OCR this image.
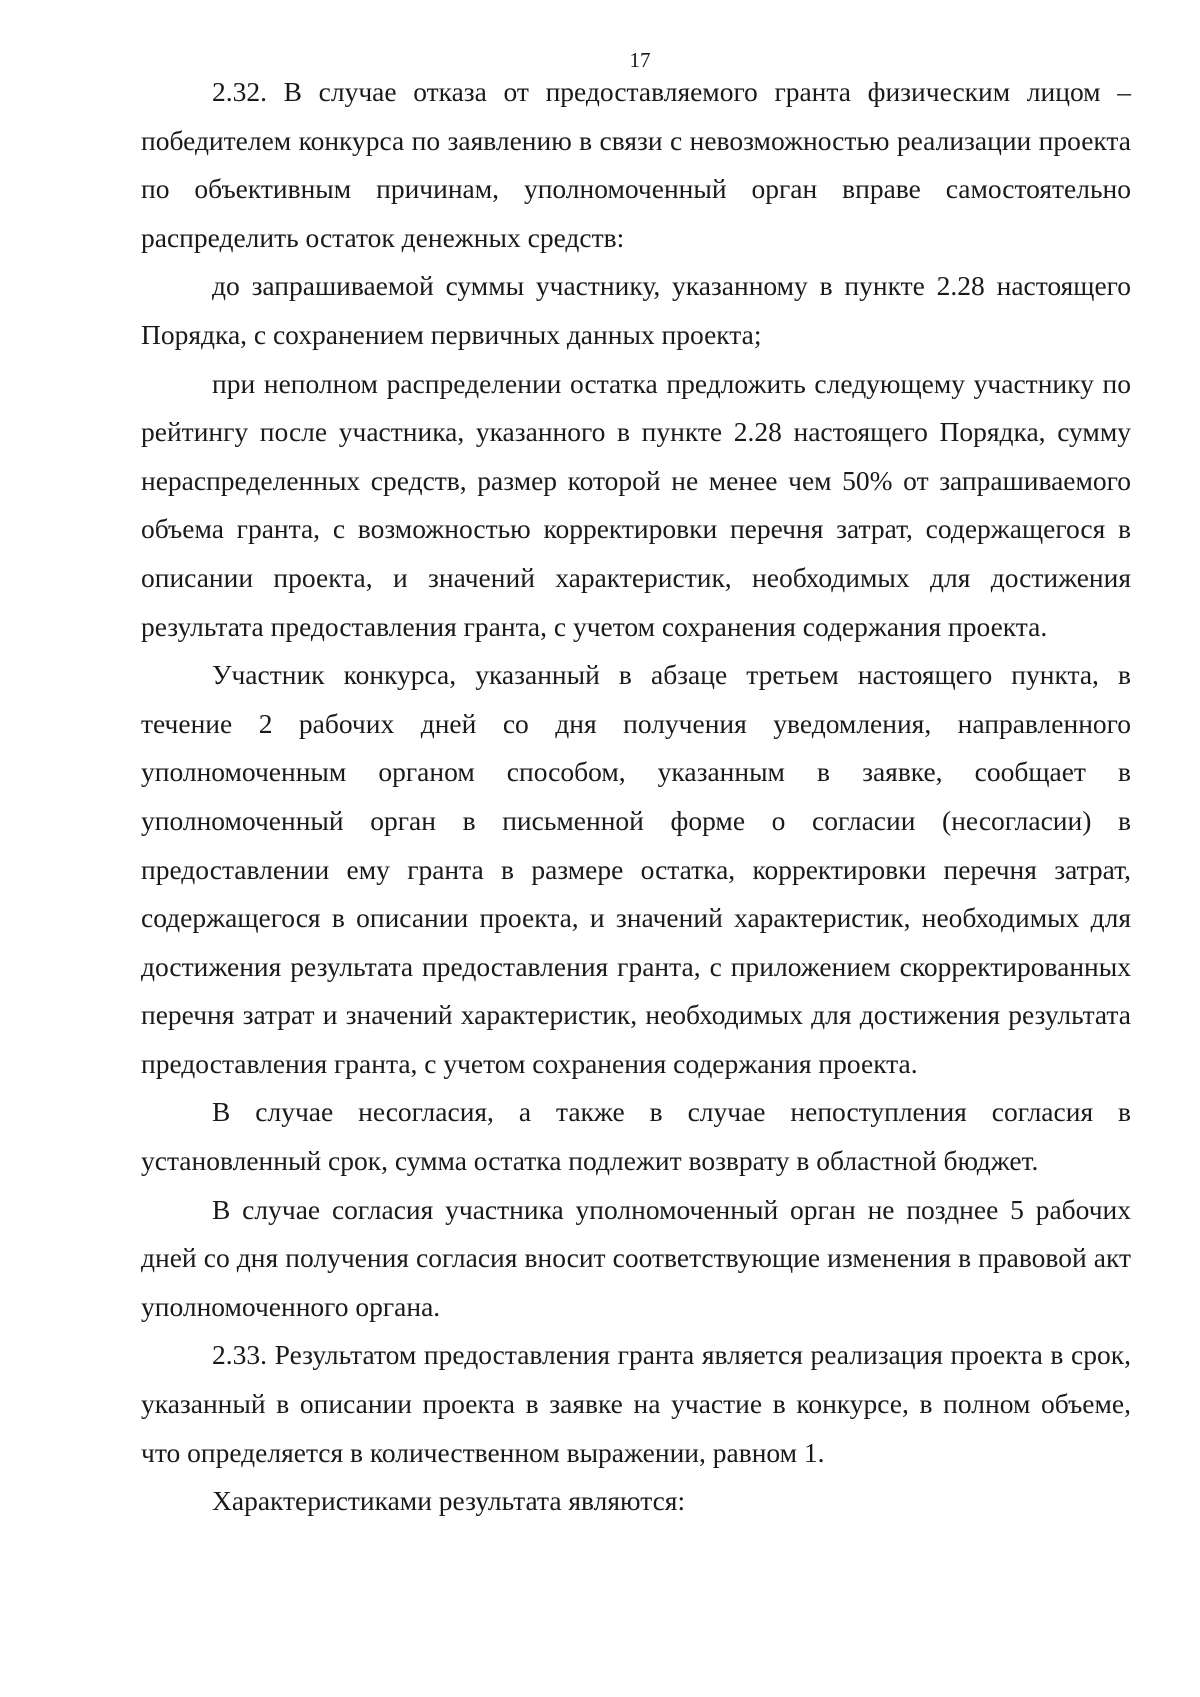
17

2.32. В случае отказа от предоставляемого гранта физическим лицом – победителем конкурса по заявлению в связи с невозможностью реализации проекта по объективным причинам, уполномоченный орган вправе самостоятельно распределить остаток денежных средств:

до запрашиваемой суммы участнику, указанному в пункте 2.28 настоящего Порядка, с сохранением первичных данных проекта;

при неполном распределении остатка предложить следующему участнику по рейтингу после участника, указанного в пункте 2.28 настоящего Порядка, сумму нераспределенных средств, размер которой не менее чем 50% от запрашиваемого объема гранта, с возможностью корректировки перечня затрат, содержащегося в описании проекта, и значений характеристик, необходимых для достижения результата предоставления гранта, с учетом сохранения содержания проекта.

Участник конкурса, указанный в абзаце третьем настоящего пункта, в течение 2 рабочих дней со дня получения уведомления, направленного уполномоченным органом способом, указанным в заявке, сообщает в уполномоченный орган в письменной форме о согласии (несогласии) в предоставлении ему гранта в размере остатка, корректировки перечня затрат, содержащегося в описании проекта, и значений характеристик, необходимых для достижения результата предоставления гранта, с приложением скорректированных перечня затрат и значений характеристик, необходимых для достижения результата предоставления гранта, с учетом сохранения содержания проекта.

В случае несогласия, а также в случае непоступления согласия в установленный срок, сумма остатка подлежит возврату в областной бюджет.

В случае согласия участника уполномоченный орган не позднее 5 рабочих дней со дня получения согласия вносит соответствующие изменения в правовой акт уполномоченного органа.

2.33. Результатом предоставления гранта является реализация проекта в срок, указанный в описании проекта в заявке на участие в конкурсе, в полном объеме, что определяется в количественном выражении, равном 1.

Характеристиками результата являются:
